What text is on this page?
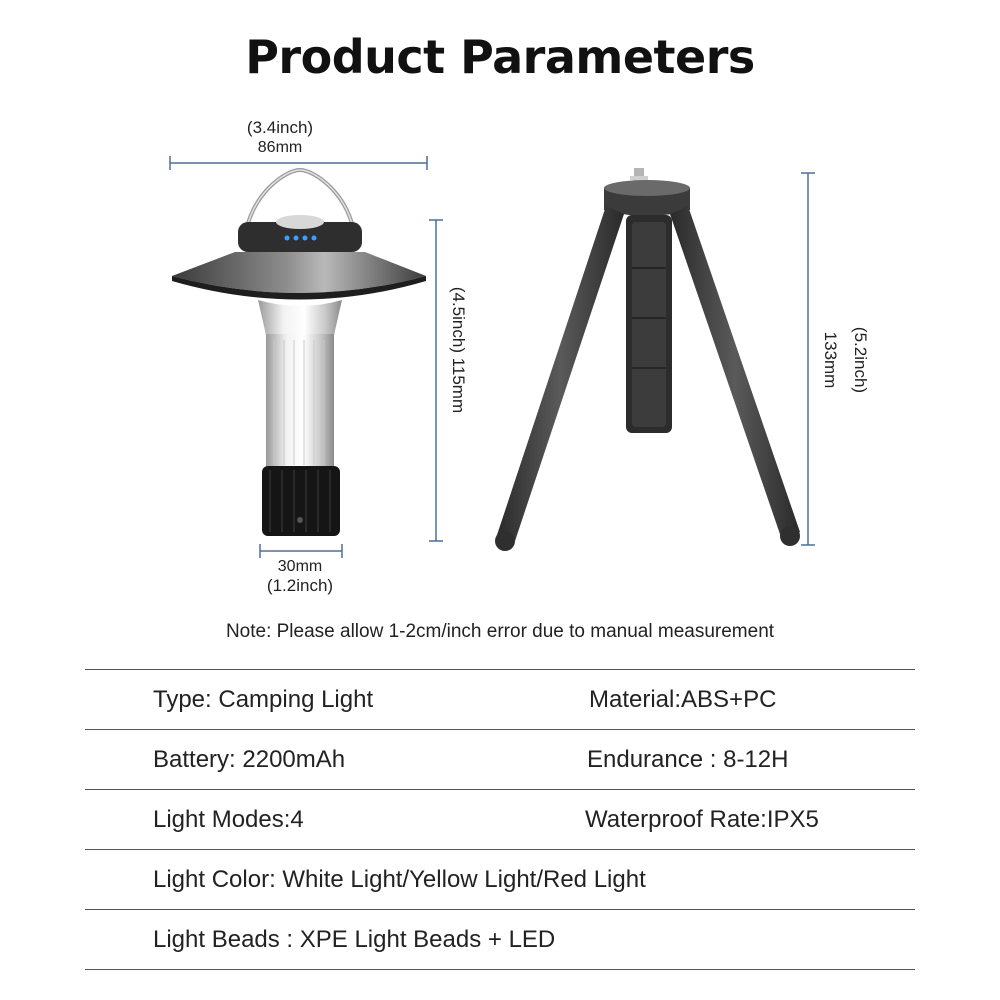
Product Parameters
(3.4inch)
86mm
(4.5inch) 115mm
30mm
(1.2inch)
(5.2inch)
133mm
Note: Please allow 1-2cm/inch error due to manual measurement
Type: Camping Light	Material:ABS+PC
Battery: 2200mAh	Endurance : 8-12H
Light Modes:4	Waterproof Rate:IPX5
Light Color: White Light/Yellow Light/Red Light
Light Beads : XPE Light Beads + LED
